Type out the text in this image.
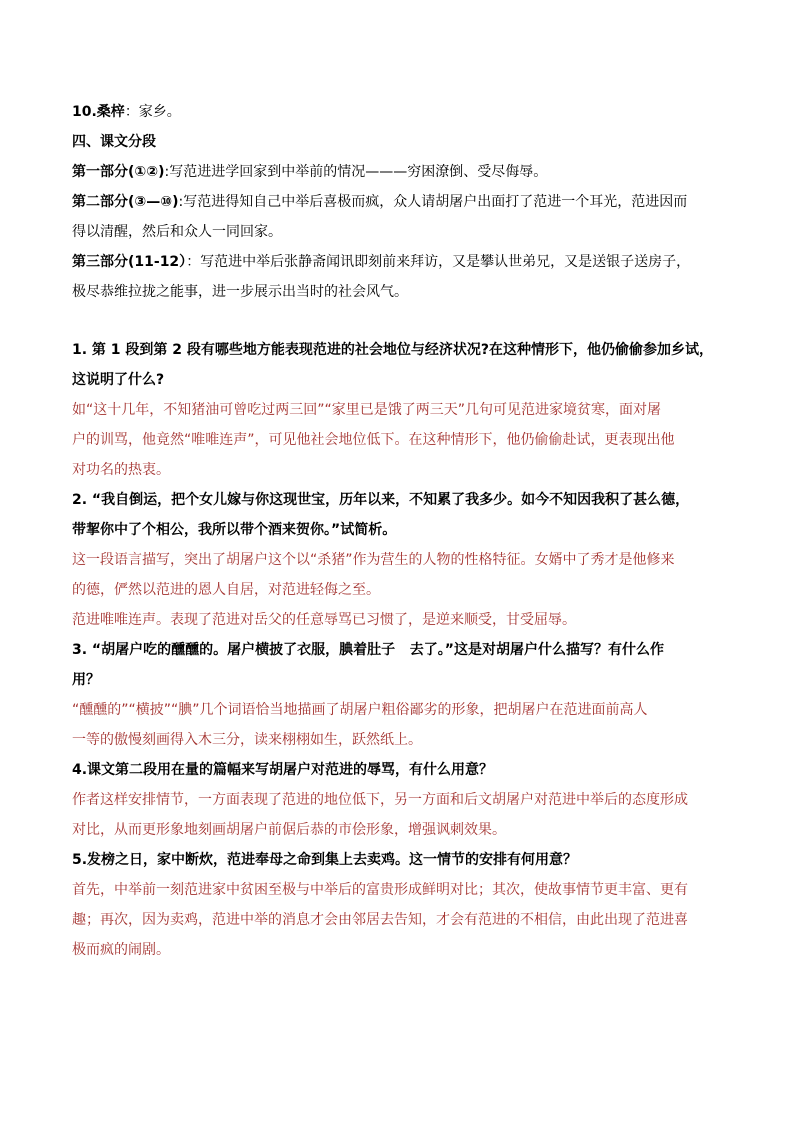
10.桑梓：家乡。
四、课文分段
第一部分(①②):写范进进学回家到中举前的情况———穷困潦倒、受尽侮辱。
第二部分(③—⑩):写范进得知自己中举后喜极而疯，众人请胡屠户出面打了范进一个耳光，范进因而
得以清醒，然后和众人一同回家。
第三部分(11-12）：写范进中举后张静斋闻讯即刻前来拜访，又是攀认世弟兄，又是送银子送房子，
极尽恭维拉拢之能事，进一步展示出当时的社会风气。
1. 第 1 段到第 2 段有哪些地方能表现范进的社会地位与经济状况?在这种情形下，他仍偷偷参加乡试，
这说明了什么?
如“这十几年，不知猪油可曾吃过两三回”“家里已是饿了两三天”几句可见范进家境贫寒，面对屠
户的训骂，他竟然“唯唯连声”，可见他社会地位低下。在这种情形下，他仍偷偷赴试，更表现出他
对功名的热衷。
2. “我自倒运，把个女儿嫁与你这现世宝，历年以来，不知累了我多少。如今不知因我积了甚么德，
带挈你中了个相公，我所以带个酒来贺你。”试简析。
这一段语言描写，突出了胡屠户这个以“杀猪”作为营生的人物的性格特征。女婿中了秀才是他修来
的德，俨然以范进的恩人自居，对范进轻侮之至。
范进唯唯连声。表现了范进对岳父的任意辱骂已习惯了，是逆来顺受，甘受屈辱。
3. “胡屠户吃的醺醺的。屠户横披了衣服，腆着肚子   去了。”这是对胡屠户什么描写？有什么作
用？
“醺醺的”“横披”“腆”几个词语恰当地描画了胡屠户粗俗鄙劣的形象，把胡屠户在范进面前高人
一等的傲慢刻画得入木三分，读来栩栩如生，跃然纸上。
4.课文第二段用在量的篇幅来写胡屠户对范进的辱骂，有什么用意？
作者这样安排情节，一方面表现了范进的地位低下，另一方面和后文胡屠户对范进中举后的态度形成
对比，从而更形象地刻画胡屠户前倨后恭的市侩形象，增强讽刺效果。
5.发榜之日，家中断炊，范进奉母之命到集上去卖鸡。这一情节的安排有何用意？
首先，中举前一刻范进家中贫困至极与中举后的富贵形成鲜明对比；其次，使故事情节更丰富、更有
趣；再次，因为卖鸡，范进中举的消息才会由邻居去告知，才会有范进的不相信，由此出现了范进喜
极而疯的闹剧。
